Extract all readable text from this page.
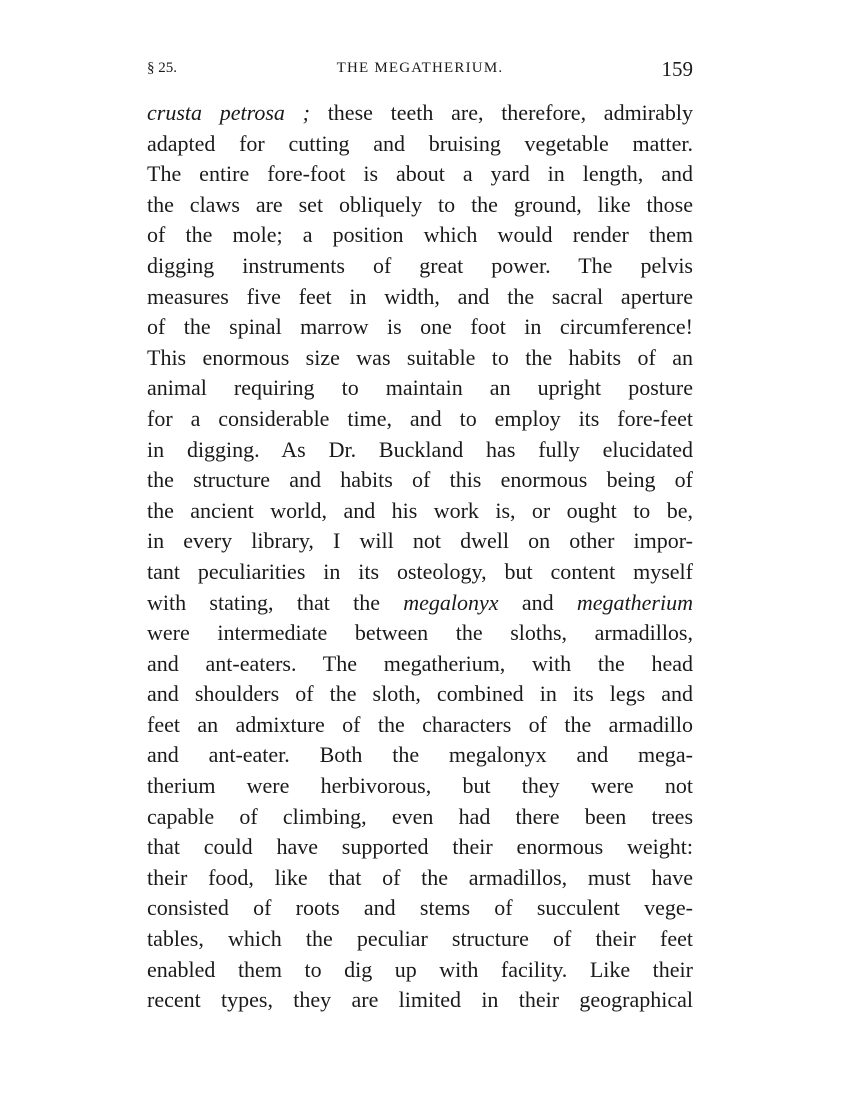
§ 25.	THE MEGATHERIUM.	159
crusta petrosa ; these teeth are, therefore, admirably
adapted for cutting and bruising vegetable matter.
The entire fore-foot is about a yard in length, and
the claws are set obliquely to the ground, like those
of the mole; a position which would render them
digging instruments of great power. The pelvis
measures five feet in width, and the sacral aperture
of the spinal marrow is one foot in circumference!
This enormous size was suitable to the habits of an
animal requiring to maintain an upright posture
for a considerable time, and to employ its fore-feet
in digging. As Dr. Buckland has fully elucidated
the structure and habits of this enormous being of
the ancient world, and his work is, or ought to be,
in every library, I will not dwell on other impor-
tant peculiarities in its osteology, but content myself
with stating, that the megalonyx and megatherium
were intermediate between the sloths, armadillos,
and ant-eaters. The megatherium, with the head
and shoulders of the sloth, combined in its legs and
feet an admixture of the characters of the armadillo
and ant-eater. Both the megalonyx and mega-
therium were herbivorous, but they were not
capable of climbing, even had there been trees
that could have supported their enormous weight:
their food, like that of the armadillos, must have
consisted of roots and stems of succulent vege-
tables, which the peculiar structure of their feet
enabled them to dig up with facility. Like their
recent types, they are limited in their geographical
